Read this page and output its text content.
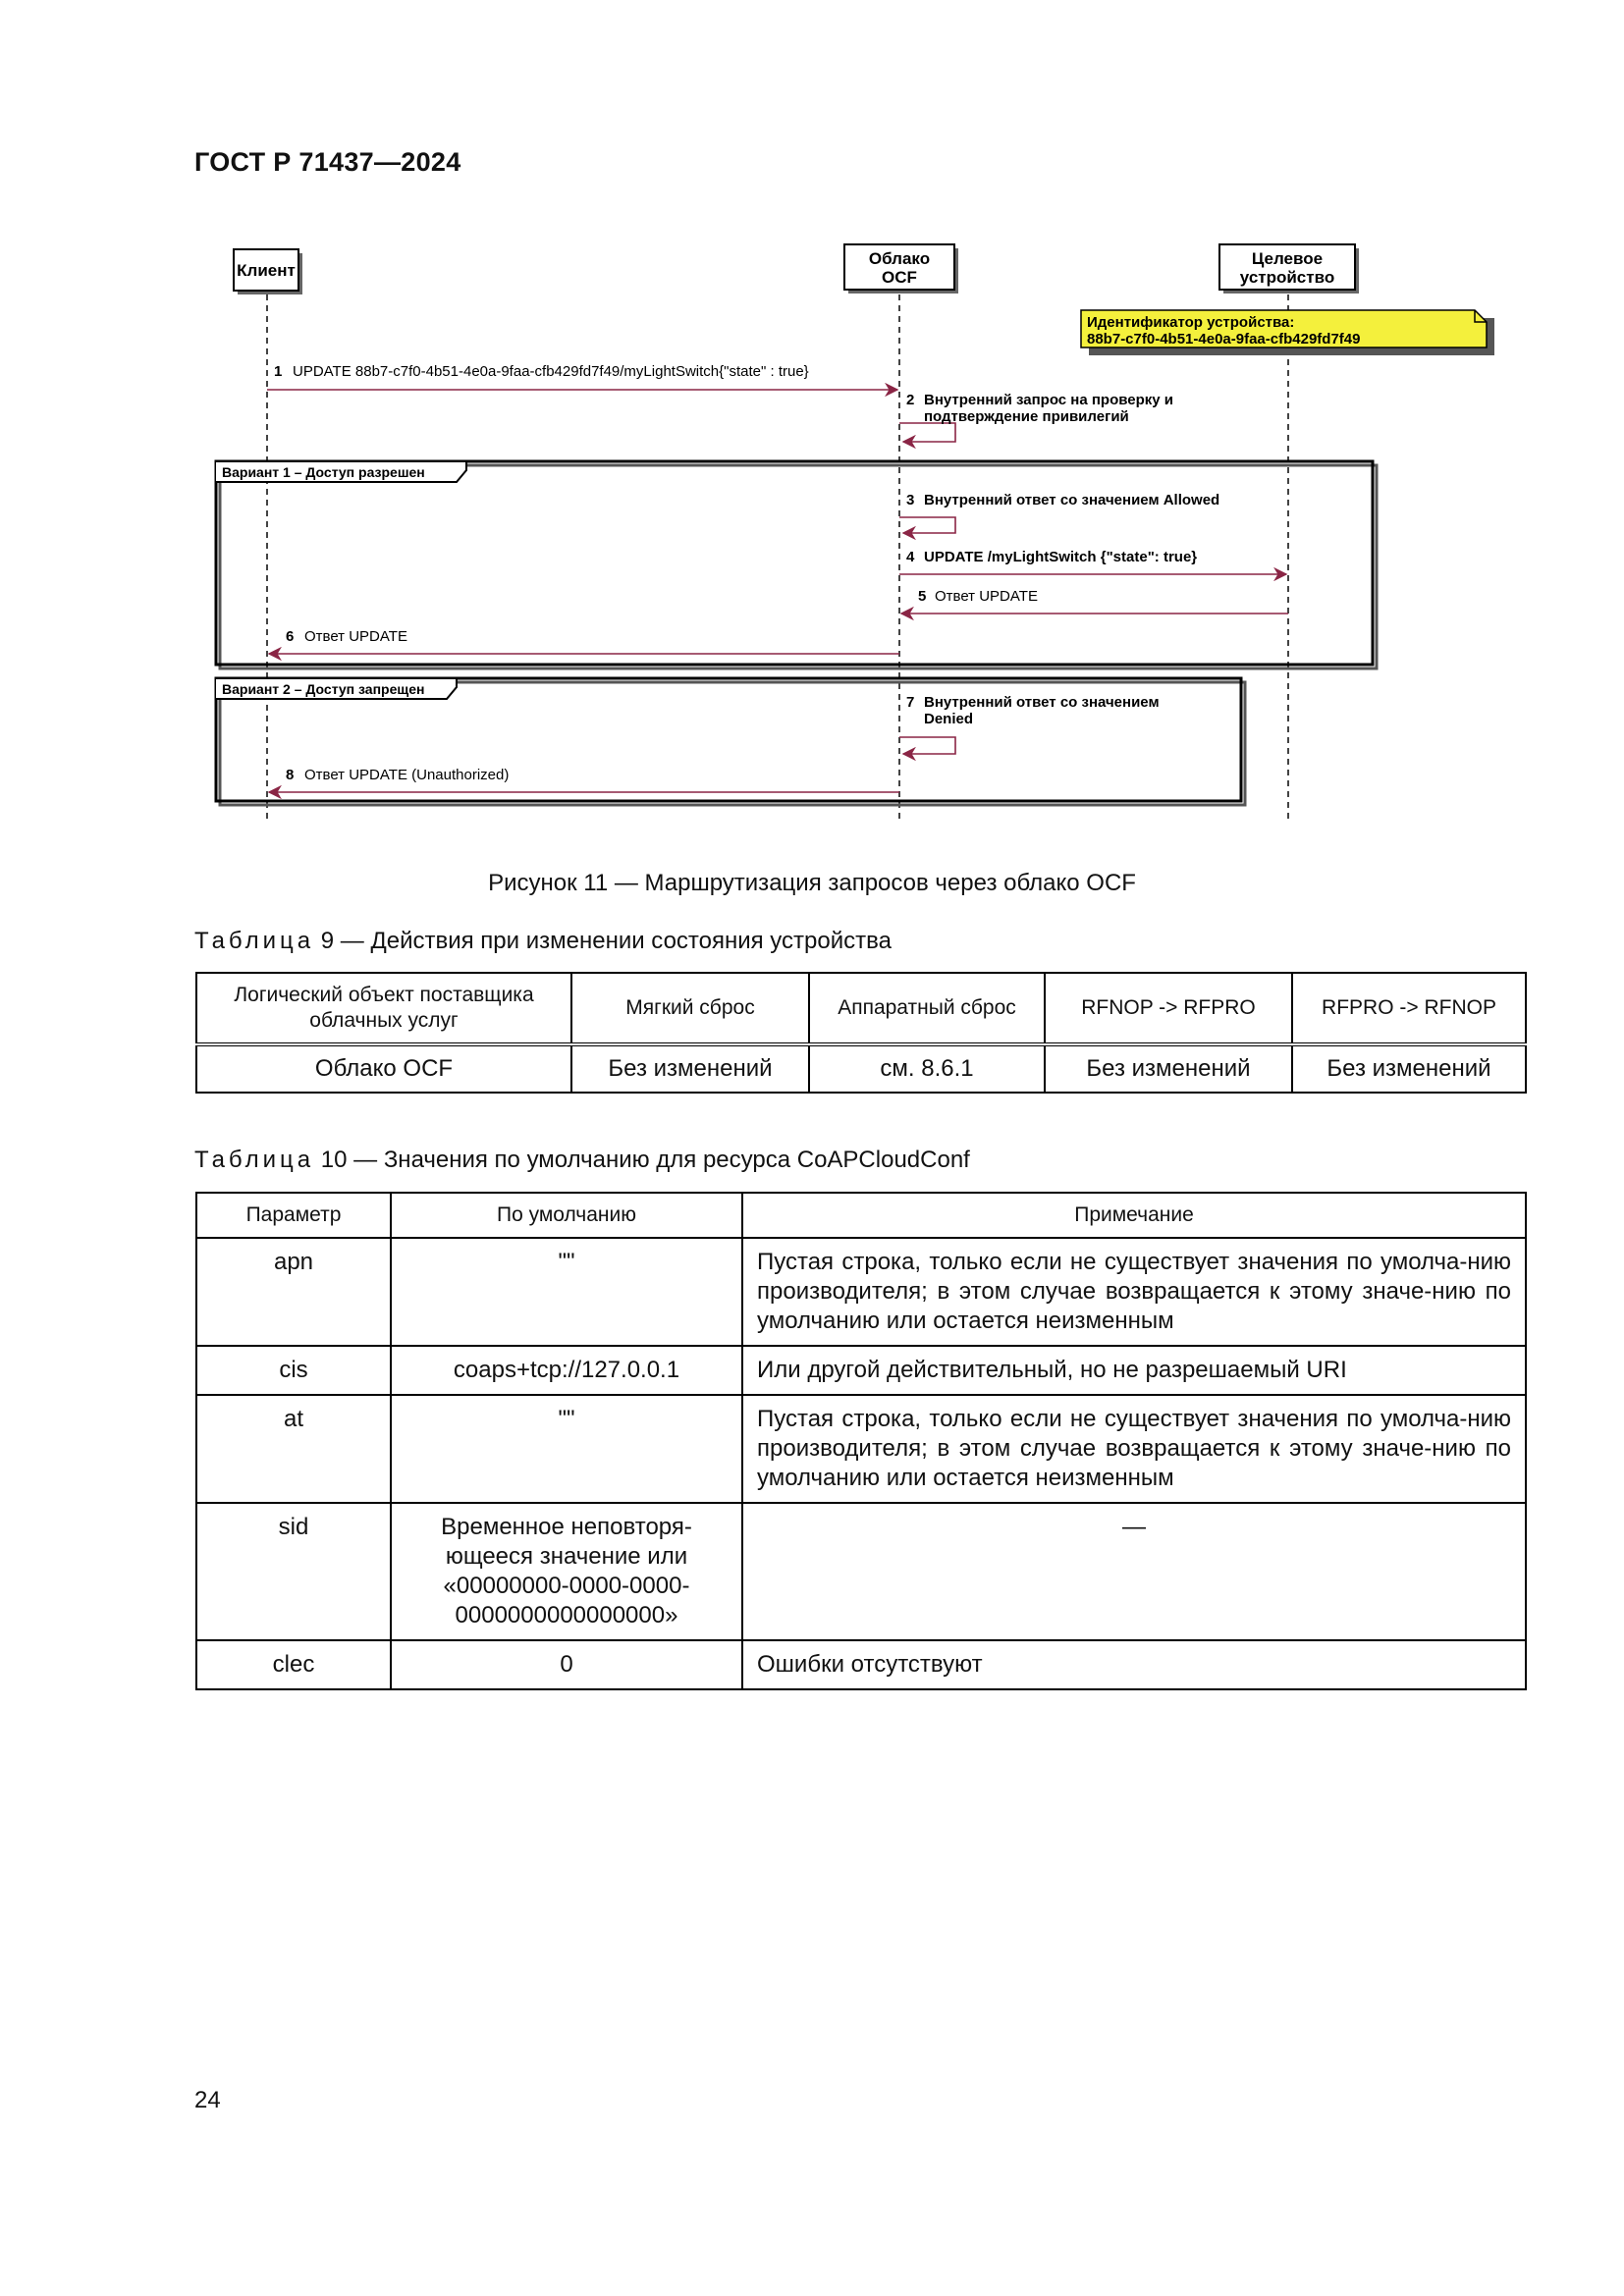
ГОСТ Р 71437—2024
Клиент
Облако
OCF
Целевое
устройство
Идентификатор устройства:
88b7-c7f0-4b51-4e0a-9faa-cfb429fd7f49
1 UPDATE 88b7-c7f0-4b51-4e0a-9faa-cfb429fd7f49/myLightSwitch{"state" : true}
2 Внутренний запрос на проверку и
подтверждение привилегий
Вариант 1 – Доступ разрешен
3 Внутренний ответ со значением Allowed
4 UPDATE /myLightSwitch {"state": true}
5 Ответ UPDATE
6 Ответ UPDATE
Вариант 2 – Доступ запрещен
7 Внутренний ответ со значением
Denied
8 Ответ UPDATE (Unauthorized)
Рисунок 11 — Маршрутизация запросов через облако OCF
Таблица 9 — Действия при изменении состояния устройства
Логический объект поставщика облачных услуг	Мягкий сброс	Аппаратный сброс	RFNOP -> RFPRO	RFPRO -> RFNOP
Облако OCF	Без изменений	см. 8.6.1	Без изменений	Без изменений
Таблица 10 — Значения по умолчанию для ресурса CoAPCloudConf
Параметр	По умолчанию	Примечание
apn	""	Пустая строка, только если не существует значения по умолча-нию производителя; в этом случае возвращается к этому значе-нию по умолчанию или остается неизменным
cis	coaps+tcp://127.0.0.1	Или другой действительный, но не разрешаемый URI
at	""	Пустая строка, только если не существует значения по умолча-нию производителя; в этом случае возвращается к этому значе-нию по умолчанию или остается неизменным
sid	Временное неповторя-ющееся значение или «00000000-0000-0000-0000000000000000»	—
clec	0	Ошибки отсутствуют
24
